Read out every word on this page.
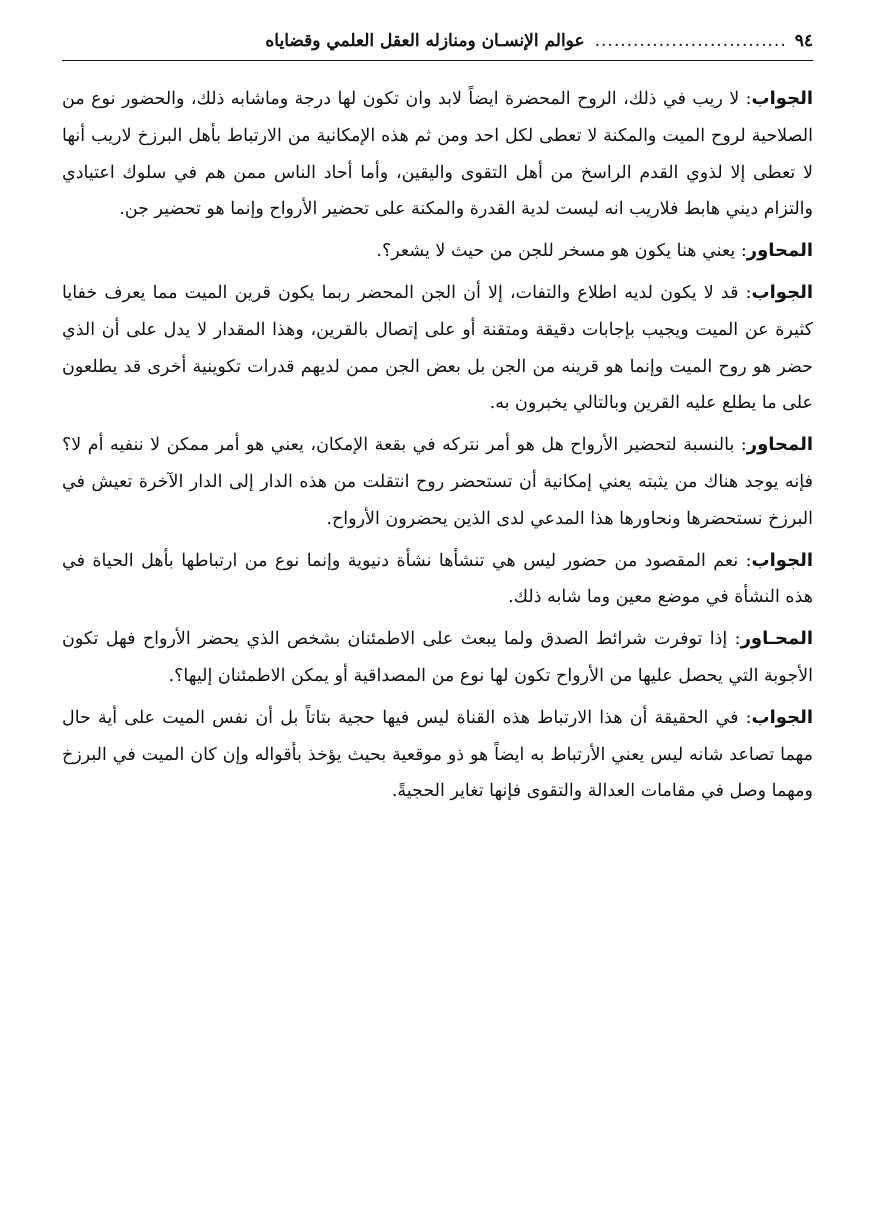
٩٤
..............................
عوالم الإنسـان ومنازله العقل العلمي وقضاياه

الجواب: لا ريب في ذلك، الروح المحضرة ايضاً لابد وان تكون لها درجة وماشابه ذلك، والحضور نوع من الصلاحية لروح الميت والمكنة لا تعطى لكل احد ومن ثم هذه الإمكانية من الارتباط بأهل البرزخ لاريب أنها لا تعطى إلا لذوي القدم الراسخ من أهل التقوى واليقين، وأما أحاد الناس ممن هم في سلوك اعتيادي والتزام ديني هابط فلاريب انه ليست لدية القدرة والمكنة على تحضير الأرواح وإنما هو تحضير جن.

المحاور: يعني هنا يكون هو مسخر للجن من حيث لا يشعر؟.

الجواب: قد لا يكون لديه اطلاع والتفات، إلا أن الجن المحضر ربما يكون قرين الميت مما يعرف خفايا كثيرة عن الميت ويجيب بإجابات دقيقة ومتقنة أو على إتصال بالقرين، وهذا المقدار لا يدل على أن الذي حضر هو روح الميت وإنما هو قرينه من الجن بل بعض الجن ممن لديهم قدرات تكوينية أخرى قد يطلعون على ما يطلع عليه القرين وبالتالي يخبرون به.

المحاور: بالنسبة لتحضير الأرواح هل هو أمر نتركه في بقعة الإمكان، يعني هو أمر ممكن لا ننفيه أم لا؟ فإنه يوجد هناك من يثبته يعني إمكانية أن تستحضر روح انتقلت من هذه الدار إلى الدار الآخرة تعيش في البرزخ نستحضرها ونحاورها هذا المدعي لدى الذين يحضرون الأرواح.

الجواب: نعم المقصود من حضور ليس هي تنشأها نشأة دنيوية وإنما نوع من ارتباطها بأهل الحياة في هذه النشأة في موضع معين وما شابه ذلك.

المحـاور: إذا توفرت شرائط الصدق ولما يبعث على الاطمئنان بشخص الذي يحضر الأرواح فهل تكون الأجوبة التي يحصل عليها من الأرواح تكون لها نوع من المصداقية أو يمكن الاطمئنان إليها؟.

الجواب: في الحقيقة أن هذا الارتباط هذه القناة ليس فيها حجية بتاتاً بل أن نفس الميت على أية حال مهما تصاعد شانه ليس يعني الأرتباط به ايضاً هو ذو موقعية بحيث يؤخذ بأقواله وإن كان الميت في البرزخ ومهما وصل في مقامات العدالة والتقوى فإنها تغاير الحجيةً.
